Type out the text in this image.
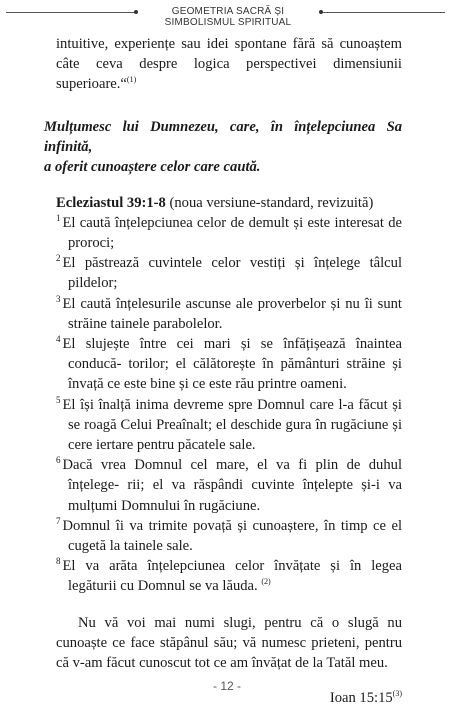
GEOMETRIA SACRĂ ȘI SIMBOLISMUL SPIRITUAL

intuitive, experiențe sau idei spontane fără să cunoaștem câte ceva despre logica perspectivei dimensiunii superioare.“$^{(1)}$

Mulțumesc lui Dumnezeu, care, în înțelepciunea Sa infinită,
a oferit cunoaștere celor care caută.
Ecleziastul 39:1-8 (noua versiune-standard, revizuită)

$^1$ El caută înțelepciunea celor de demult și este interesat de proroci;

$^2$ El păstrează cuvintele celor vestiți și înțelege tâlcul pildelor;

$^3$ El caută înțelesurile ascunse ale proverbelor și nu îi sunt străine tainele parabolelor.

$^4$ El slujește între cei mari și se înfățișează înaintea conducă- torilor; el călătorește în pământuri străine și învață ce este bine și ce este rău printre oameni.

$^5$ El își înalță inima devreme spre Domnul care l-a făcut și se roagă Celui Preaînalt; el deschide gura în rugăciune și cere iertare pentru păcatele sale.

$^6$ Dacă vrea Domnul cel mare, el va fi plin de duhul înțelege- rii; el va răspândi cuvinte înțelepte și-i va mulțumi Domnului în rugăciune.

$^7$ Domnul îi va trimite povață și cunoaștere, în timp ce el cugetă la tainele sale.

$^8$ El va arăta înțelepciunea celor învățate și în legea legăturii cu Domnul se va lăuda. $^{(2)}$

Nu vă voi mai numi slugi, pentru că o slugă nu cunoaște ce face stăpânul său; vă numesc prieteni, pentru că v-am făcut cunoscut tot ce am învățat de la Tatăl meu.

Ioan 15:15$^{(3)}$
- 12 -
